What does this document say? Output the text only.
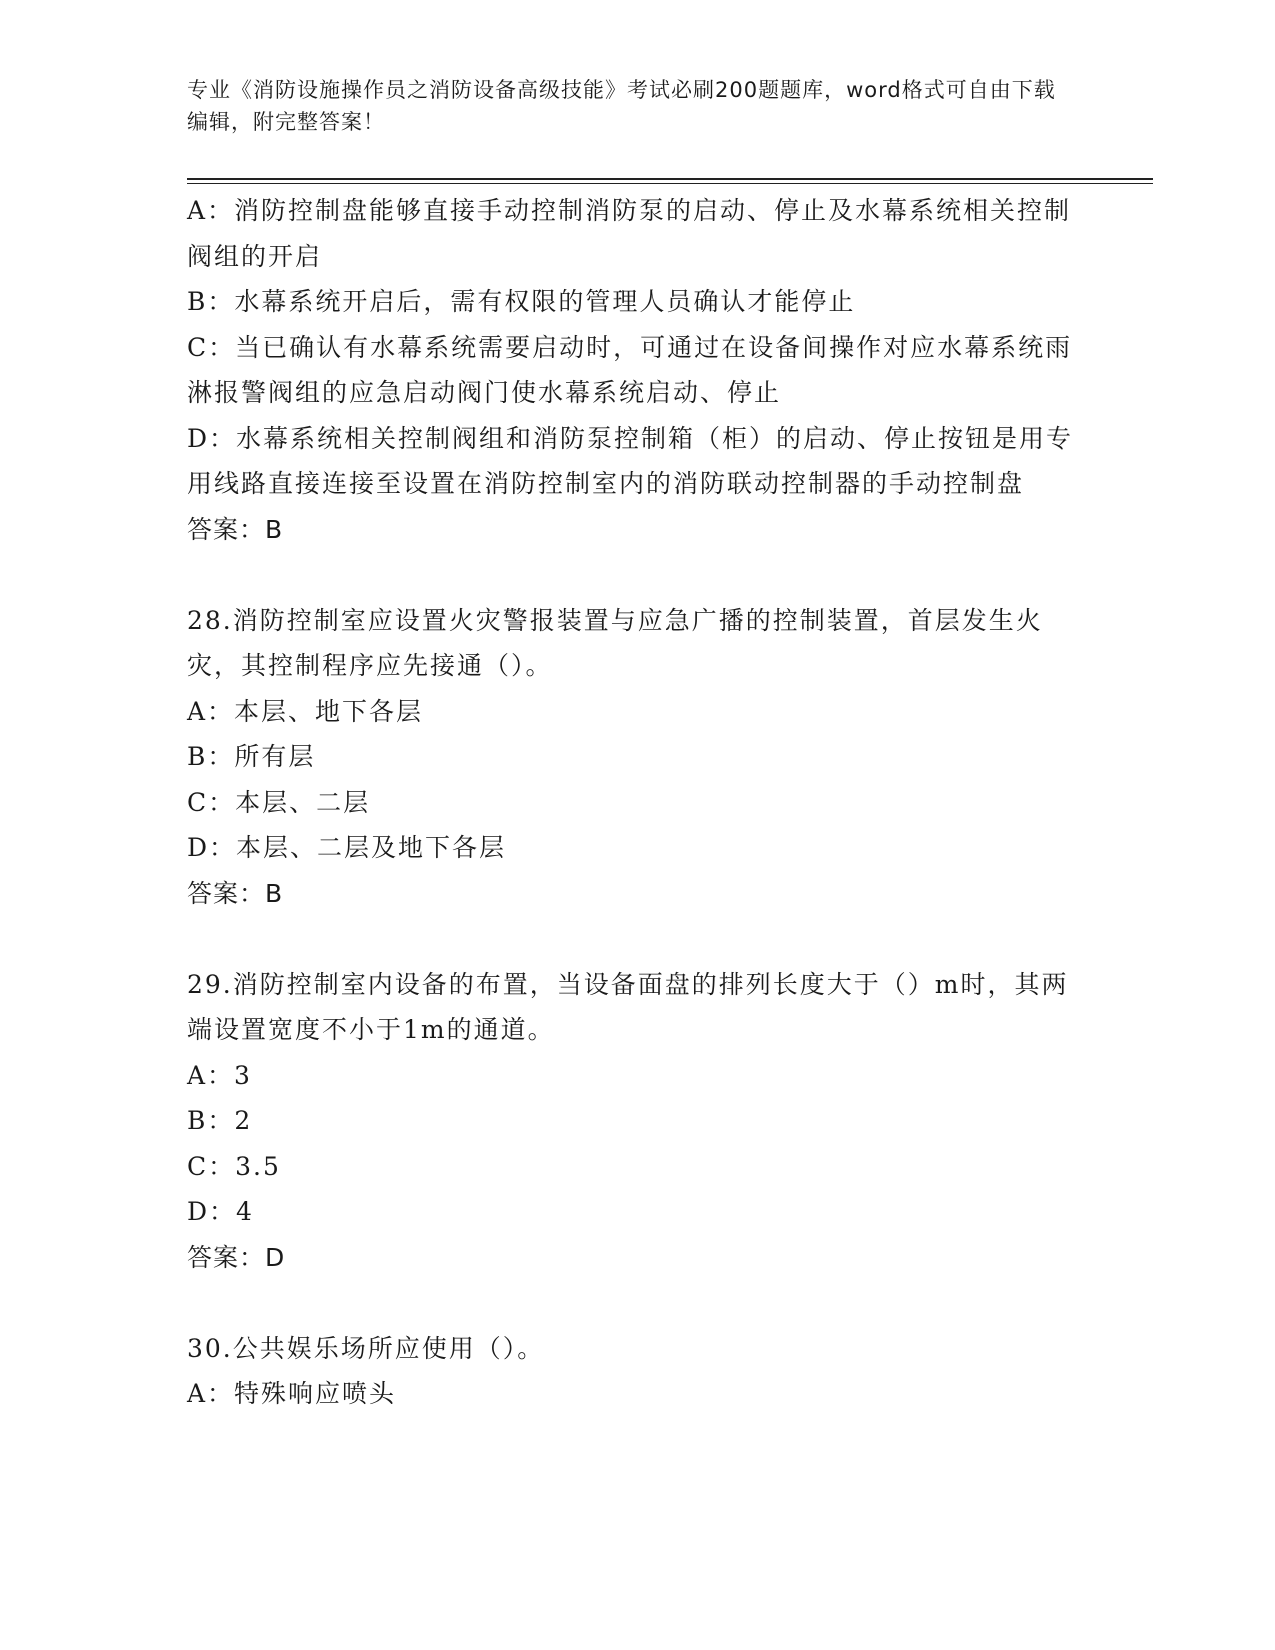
专业《消防设施操作员之消防设备高级技能》考试必刷200题题库，word格式可自由下载编辑，附完整答案！

A：消防控制盘能够直接手动控制消防泵的启动、停止及水幕系统相关控制阀组的开启

B：水幕系统开启后，需有权限的管理人员确认才能停止

C：当已确认有水幕系统需要启动时，可通过在设备间操作对应水幕系统雨淋报警阀组的应急启动阀门使水幕系统启动、停止

D：水幕系统相关控制阀组和消防泵控制箱（柜）的启动、停止按钮是用专用线路直接连接至设置在消防控制室内的消防联动控制器的手动控制盘

答案：B

28.消防控制室应设置火灾警报装置与应急广播的控制装置，首层发生火灾，其控制程序应先接通（）。

A：本层、地下各层

B：所有层

C：本层、二层

D：本层、二层及地下各层

答案：B

29.消防控制室内设备的布置，当设备面盘的排列长度大于（）m时，其两端设置宽度不小于1m的通道。

A：3

B：2

C：3.5

D：4

答案：D

30.公共娱乐场所应使用（）。

A：特殊响应喷头
